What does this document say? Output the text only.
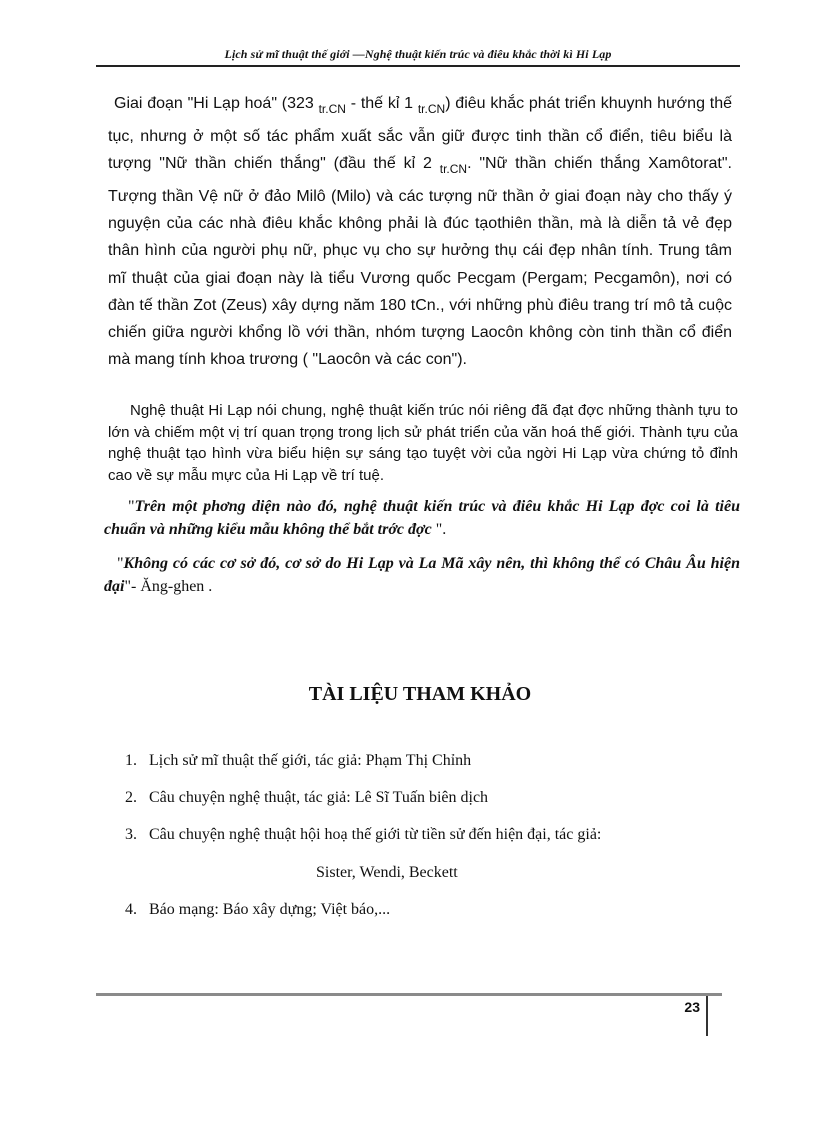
Lịch sử mĩ thuật thế giới —Nghệ thuật kiến trúc và điêu khắc thời kì Hi Lạp

Giai đoạn "Hi Lạp hoá" (323 $_{tr.CN}$ - thế kỉ 1 $_{tr.CN}$) điêu khắc phát triển khuynh hướng thế tục, nhưng ở một số tác phẩm xuất sắc vẫn giữ được tinh thần cổ điển, tiêu biểu là tượng "Nữ thần chiến thắng" (đầu thế kỉ 2 $_{tr.CN}$. "Nữ thần chiến thắng Xamôtorat". Tượng thần Vệ nữ ở đảo Milô (Milo) và các tượng nữ thần ở giai đoạn này cho thấy ý nguyện của các nhà điêu khắc không phải là đúc tạothiên thần, mà là diễn tả vẻ đẹp thân hình của người phụ nữ, phục vụ cho sự hưởng thụ cái đẹp nhân tính. Trung tâm mĩ thuật của giai đoạn này là tiểu Vương quốc Pecgam (Pergam; Pecgamôn), nơi có đàn tế thần Zot (Zeus) xây dựng năm 180 tCn., với những phù điêu trang trí mô tả cuộc chiến giữa người khổng lồ với thần, nhóm tượng Laocôn không còn tinh thần cổ điển mà mang tính khoa trương ( "Laocôn và các con").

Nghệ thuật Hi Lạp nói chung, nghệ thuật kiến trúc nói riêng đã đạt đợc những thành tựu to lớn và chiếm một vị trí quan trọng trong lịch sử phát triển của văn hoá thế giới. Thành tựu của nghệ thuật tạo hình vừa biểu hiện sự sáng tạo tuyệt vời của ngời Hi Lạp vừa chứng tỏ đỉnh cao về sự mẫu mực của Hi Lạp về trí tuệ.

"Trên một phơng diện nào đó, nghệ thuật kiến trúc và điêu khắc Hi Lạp đợc coi là tiêu chuẩn và những kiểu mẫu không thể bắt trớc đợc ".

"Không có các cơ sở đó, cơ sở do Hi Lạp và La Mã xây nên, thì không thể có Châu Âu hiện đại"- Ăng-ghen .

TÀI LIỆU THAM KHẢO
1. Lịch sử mĩ thuật thế giới, tác giả: Phạm Thị Chỉnh
2. Câu chuyện nghệ thuật, tác giả: Lê Sĩ Tuấn biên dịch
3. Câu chuyện nghệ thuật hội hoạ thế giới từ tiền sử đến hiện đại, tác giả:
Sister, Wendi, Beckett
4. Báo mạng: Báo xây dựng; Việt báo,...
23
